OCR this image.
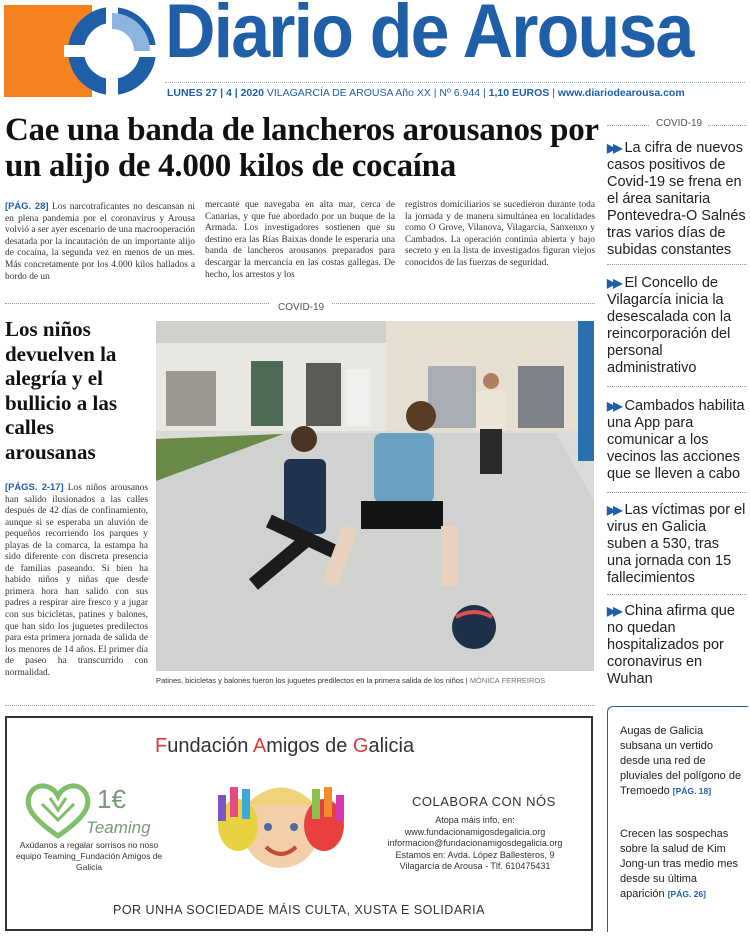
Diario de Arousa
LUNES 27 | 4 | 2020 VILAGARCÍA DE AROUSA Año XX | Nº 6.944 | 1,10 EUROS | www.diariodearousa.com
Cae una banda de lancheros arousanos por un alijo de 4.000 kilos de cocaína
[PÁG. 28] Los narcotraficantes no descansan ni en plena pandemia por el coronavirus y Arousa volvió a ser ayer escenario de una macrooperación desatada por la incautación de un importante alijo de cocaína, la segunda vez en menos de un mes. Más concretamente por los 4.000 kilos hallados a bordo de un
mercante que navegaba en alta mar, cerca de Canarias, y que fue abordado por un buque de la Armada. Los investigadores sostienen que su destino era las Rías Baixas donde le esperaría una banda de lancheros arousanos preparados para descargar la mercancía en las costas gallegas. De hecho, los arrestos y los
registros domiciliarios se sucedieron durante toda la jornada y de manera simultánea en localidades como O Grove, Vilanova, Vilagarcía, Sanxenxo y Cambados. La operación continúa abierta y bajo secreto y en la lista de investigados figuran viejos conocidos de las fuerzas de seguridad.
COVID-19
Los niños devuelven la alegría y el bullicio a las calles arousanas
[PÁGS. 2-17] Los niños arousanos han salido ilusionados a las calles después de 42 días de confinamiento, aunque si se esperaba un aluvión de pequeños recorriendo los parques y playas de la comarca, la estampa ha sido diferente con discreta presencia de familias paseando. Si bien ha habido niños y niñas que desde primera hora han salido con sus padres a respirar aire fresco y a jugar con sus bicicletas, patines y balones, que han sido los juguetes predilectos para esta primera jornada de salida de los menores de 14 años. El primer día de paseo ha transcurrido con normalidad.
Patines, bicicletas y balones fueron los juguetes predilectos en la primera salida de los niños | MÓNICA FERREIROS
COVID-19
▶▶ La cifra de nuevos casos positivos de Covid-19 se frena en el área sanitaria Pontevedra-O Salnés tras varios días de subidas constantes
▶▶ El Concello de Vilagarcía inicia la desescalada con la reincorporación del personal administrativo
▶▶ Cambados habilita una App para comunicar a los vecinos las acciones que se lleven a cabo
▶▶ Las víctimas por el virus en Galicia suben a 530, tras una jornada con 15 fallecimientos
▶▶ China afirma que no quedan hospitalizados por coronavirus en Wuhan
Fundación Amigos de Galicia
1€
Teaming
Axúdanos a regalar sorrisos no noso equipo Teaming_Fundación Amigos de Galicia
COLABORA CON NÓS
Atopa máis info. en:
www.fundacionamigosdegalicia.org
informacion@fundacionamigosdegalicia.org
Estamos en: Avda. López Ballesteros, 9
Vilagarcía de Arousa - Tlf. 610475431
POR UNHA SOCIEDADE MÁIS CULTA, XUSTA E SOLIDARIA
Augas de Galicia subsana un vertido desde una red de pluviales del polígono de Tremoedo [PÁG. 18]
Crecen las sospechas sobre la salud de Kim Jong-un tras medio mes desde su última aparición [PÁG. 26]
